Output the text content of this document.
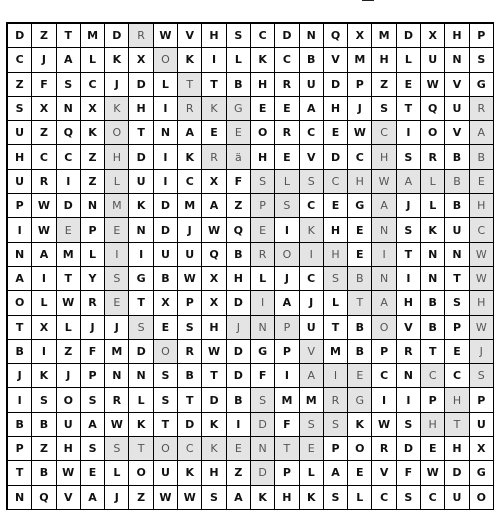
D	Z	T	M	D	R	W	V	H	S	C	D	N	Q	X	M	D	X	H	P
C	J	A	L	K	X	O	K	I	L	K	C	B	V	M	H	L	U	N	S
Z	F	S	C	J	D	L	T	T	B	H	R	U	D	P	Z	E	W	V	G
S	X	N	X	K	H	I	R	K	G	E	E	A	H	J	S	T	Q	U	R
U	Z	Q	K	O	T	N	A	E	E	O	R	C	E	W	C	I	O	V	A
H	C	C	Z	H	D	I	K	R	ä	H	E	V	D	C	H	S	R	B	B
U	R	I	Z	L	U	I	C	X	F	S	L	S	C	H	W	A	L	B	E
P	W	D	N	M	K	D	M	A	Z	P	S	C	E	G	A	J	L	B	H
I	W	E	P	E	N	D	J	W	Q	E	I	K	H	E	N	S	K	U	C
N	A	M	L	I	I	U	U	Q	B	R	O	I	H	E	I	T	N	N	W
A	I	T	Y	S	G	B	W	X	H	L	J	C	S	B	N	I	N	T	W
O	L	W	R	E	T	X	P	X	D	I	A	J	L	T	A	H	B	S	H
T	X	L	J	J	S	E	S	H	J	N	P	U	T	B	O	V	B	P	W
B	I	Z	F	M	D	O	R	W	D	G	P	V	M	B	P	R	T	E	J
J	K	J	P	N	N	S	B	T	D	F	I	A	I	E	C	N	C	C	S
I	S	O	S	R	L	S	T	D	B	S	M	M	R	G	I	I	P	H	P
B	B	U	A	W	K	T	D	K	I	D	F	S	S	K	W	S	H	T	U
P	Z	H	S	S	T	O	C	K	E	N	T	E	P	O	R	D	E	H	X
T	B	W	E	L	O	U	K	H	Z	D	P	L	A	E	V	F	W	D	G
N	Q	V	A	J	Z	W	W	S	A	K	H	K	S	L	C	S	C	U	O
